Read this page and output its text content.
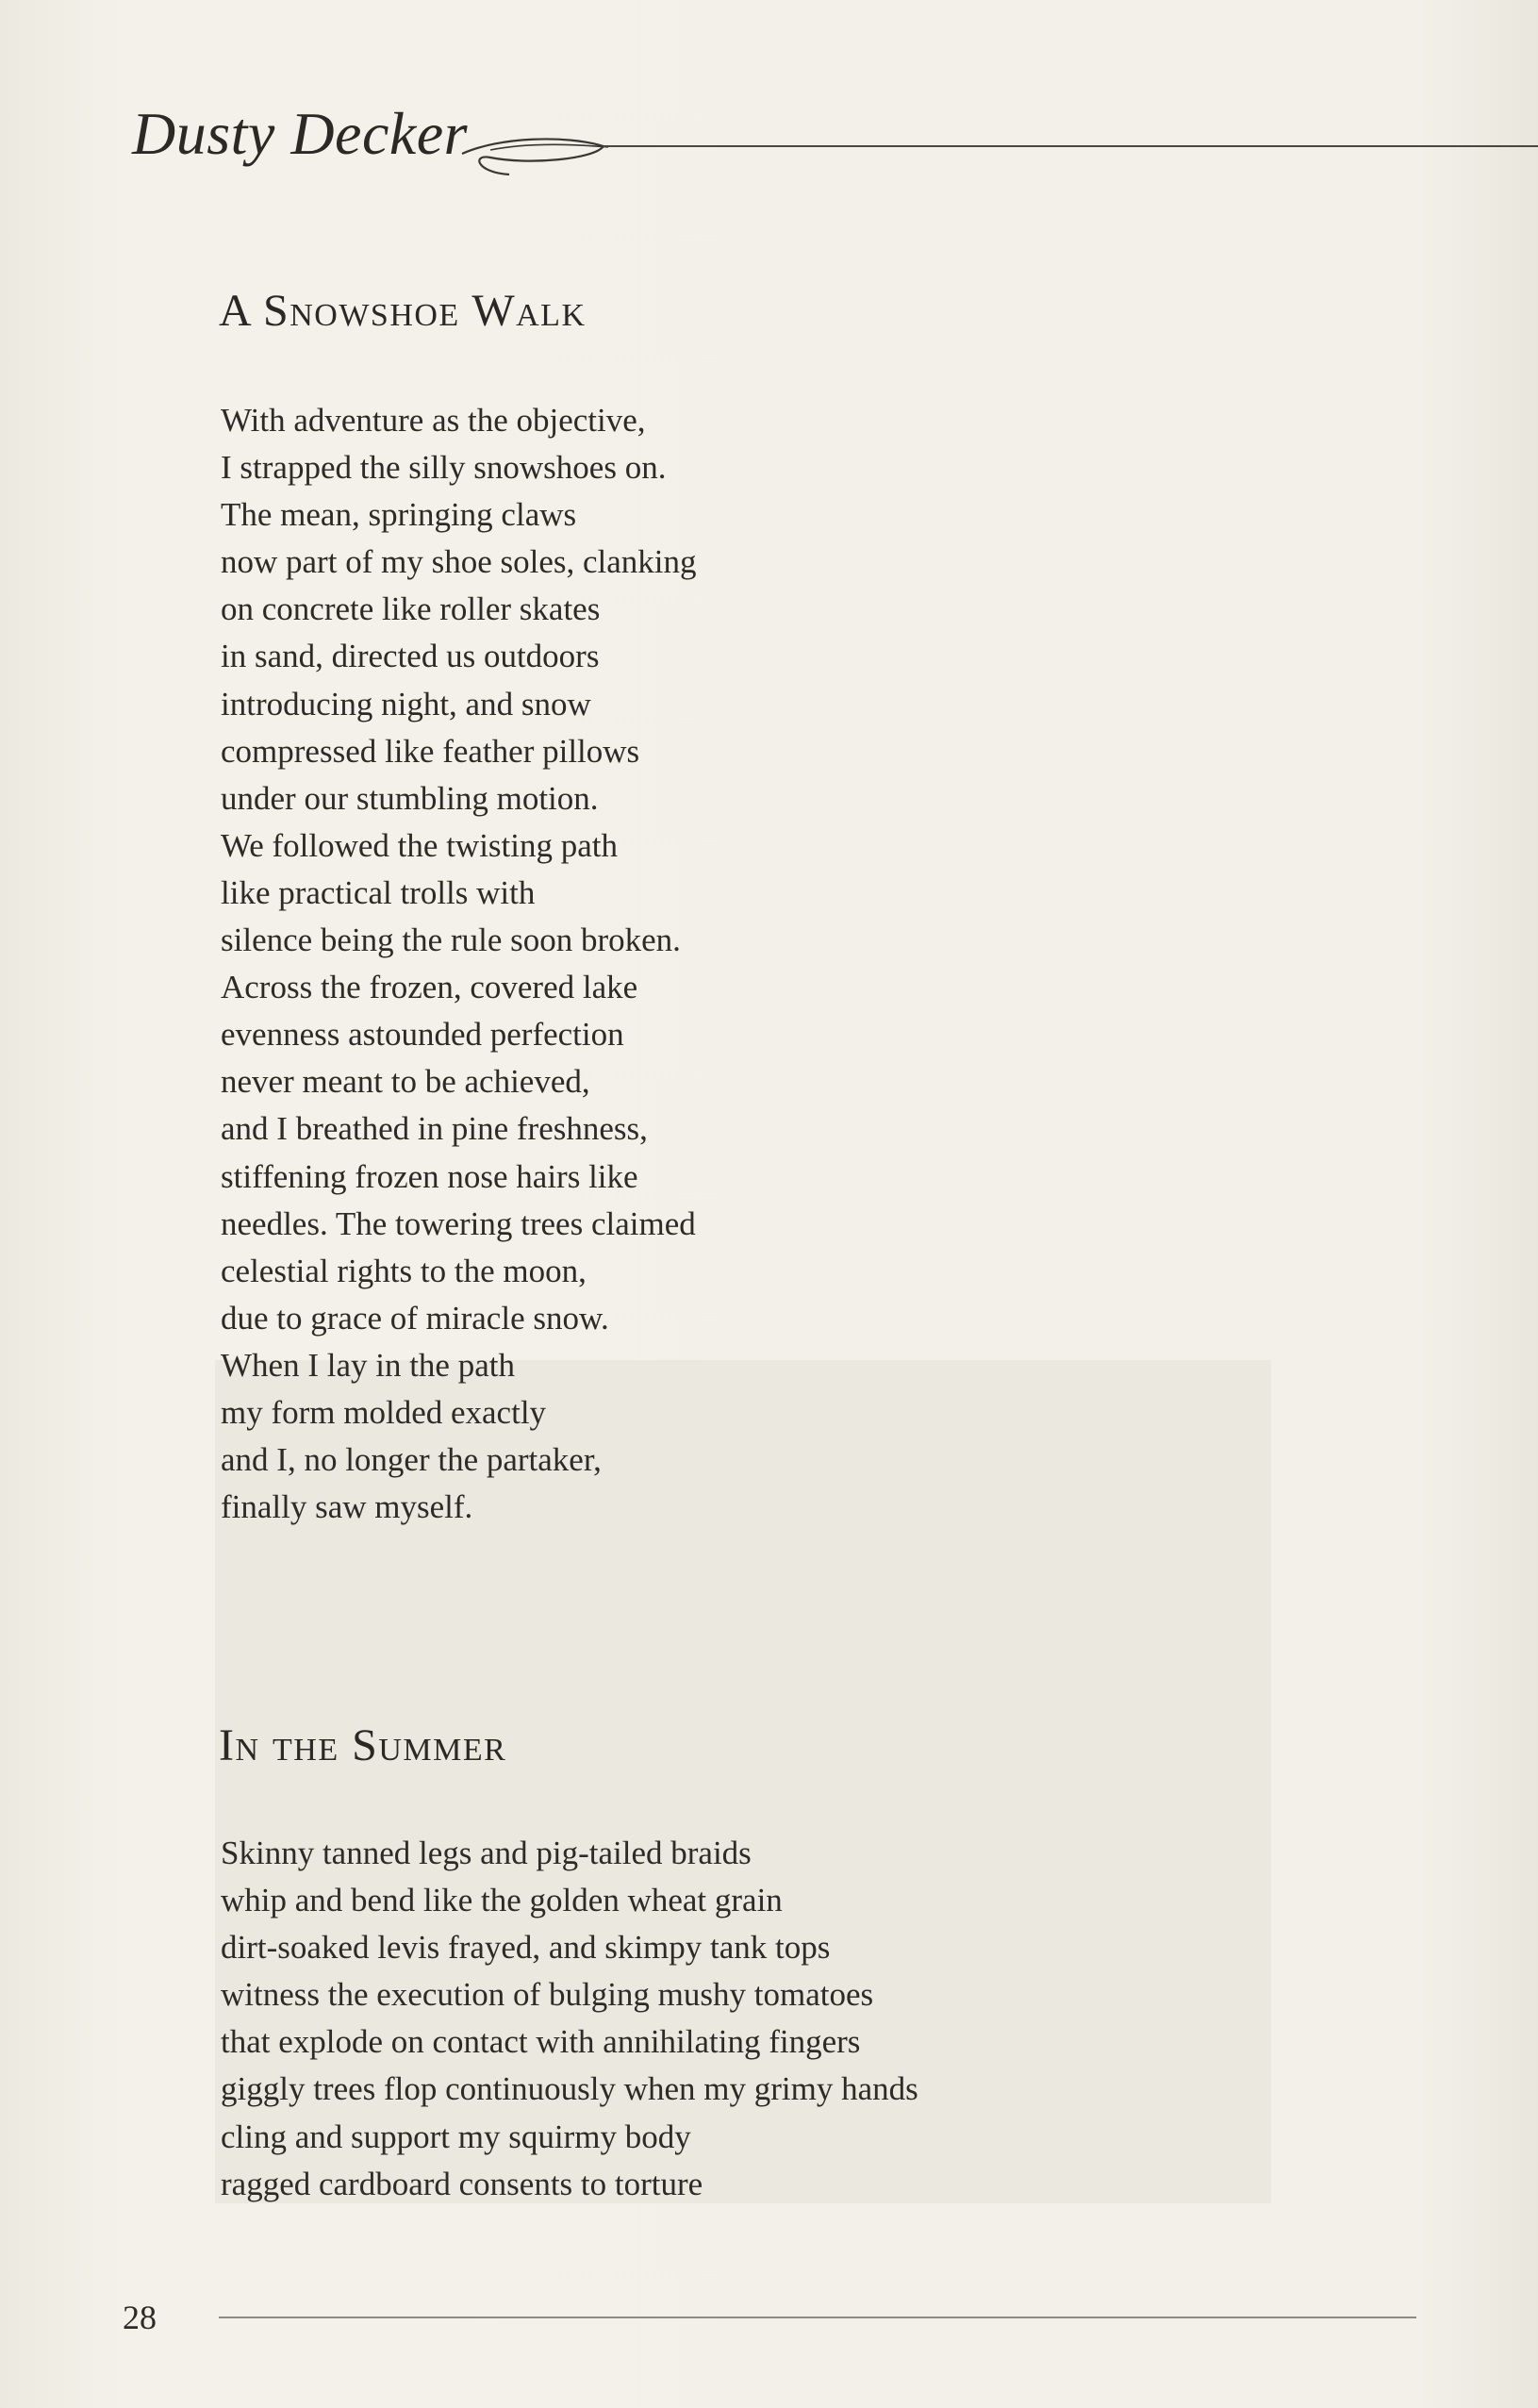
Dusty Decker
A Snowshoe Walk
With adventure as the objective,
I strapped the silly snowshoes on.
The mean, springing claws
now part of my shoe soles, clanking
on concrete like roller skates
in sand, directed us outdoors
introducing night, and snow
compressed like feather pillows
under our stumbling motion.
We followed the twisting path
like practical trolls with
silence being the rule soon broken.
Across the frozen, covered lake
evenness astounded perfection
never meant to be achieved,
and I breathed in pine freshness,
stiffening frozen nose hairs like
needles. The towering trees claimed
celestial rights to the moon,
due to grace of miracle snow.
When I lay in the path
my form molded exactly
and I, no longer the partaker,
finally saw myself.
In the Summer
Skinny tanned legs and pig-tailed braids
whip and bend like the golden wheat grain
dirt-soaked levis frayed, and skimpy tank tops
witness the execution of bulging mushy tomatoes
that explode on contact with annihilating fingers
giggly trees flop continuously when my grimy hands
cling and support my squirmy body
ragged cardboard consents to torture
28
